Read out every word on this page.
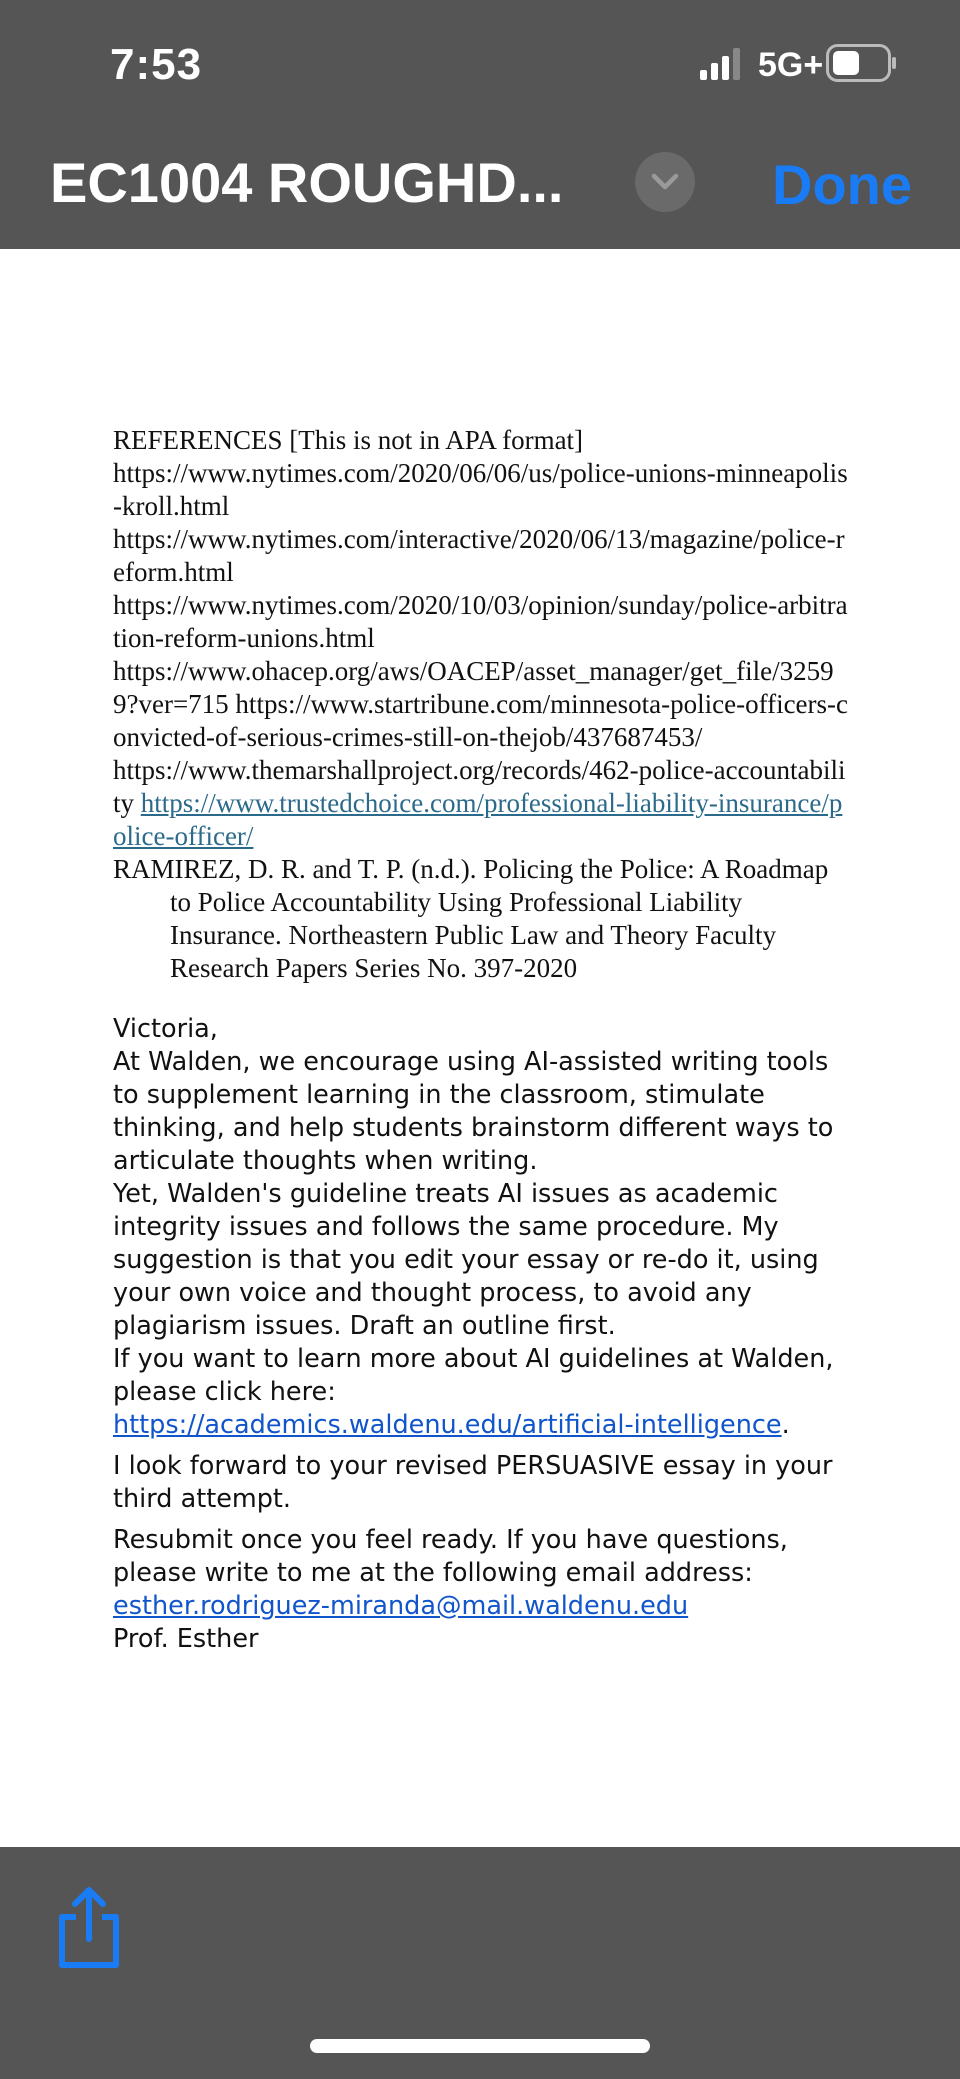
7:53	5G+
EC1004 ROUGHD...	Done
REFERENCES [This is not in APA format]
https://www.nytimes.com/2020/06/06/us/police-unions-minneapolis-kroll.html
https://www.nytimes.com/interactive/2020/06/13/magazine/police-reform.html
https://www.nytimes.com/2020/10/03/opinion/sunday/police-arbitration-reform-unions.html
https://www.ohacep.org/aws/OACEP/asset_manager/get_file/32599?ver=715 https://www.startribune.com/minnesota-police-officers-convicted-of-serious-crimes-still-on-thejob/437687453/
https://www.themarshallproject.org/records/462-police-accountability https://www.trustedchoice.com/professional-liability-insurance/police-officer/
RAMIREZ, D. R. and T. P. (n.d.). Policing the Police: A Roadmap to Police Accountability Using Professional Liability Insurance. Northeastern Public Law and Theory Faculty Research Papers Series No. 397-2020

Victoria,

At Walden, we encourage using AI-assisted writing tools to supplement learning in the classroom, stimulate thinking, and help students brainstorm different ways to articulate thoughts when writing.

Yet, Walden's guideline treats AI issues as academic integrity issues and follows the same procedure. My suggestion is that you edit your essay or re-do it, using your own voice and thought process, to avoid any plagiarism issues. Draft an outline first.

If you want to learn more about AI guidelines at Walden, please click here:

https://academics.waldenu.edu/artificial-intelligence.

I look forward to your revised PERSUASIVE essay in your third attempt.

Resubmit once you feel ready. If you have questions, please write to me at the following email address:

esther.rodriguez-miranda@mail.waldenu.edu

Prof. Esther
